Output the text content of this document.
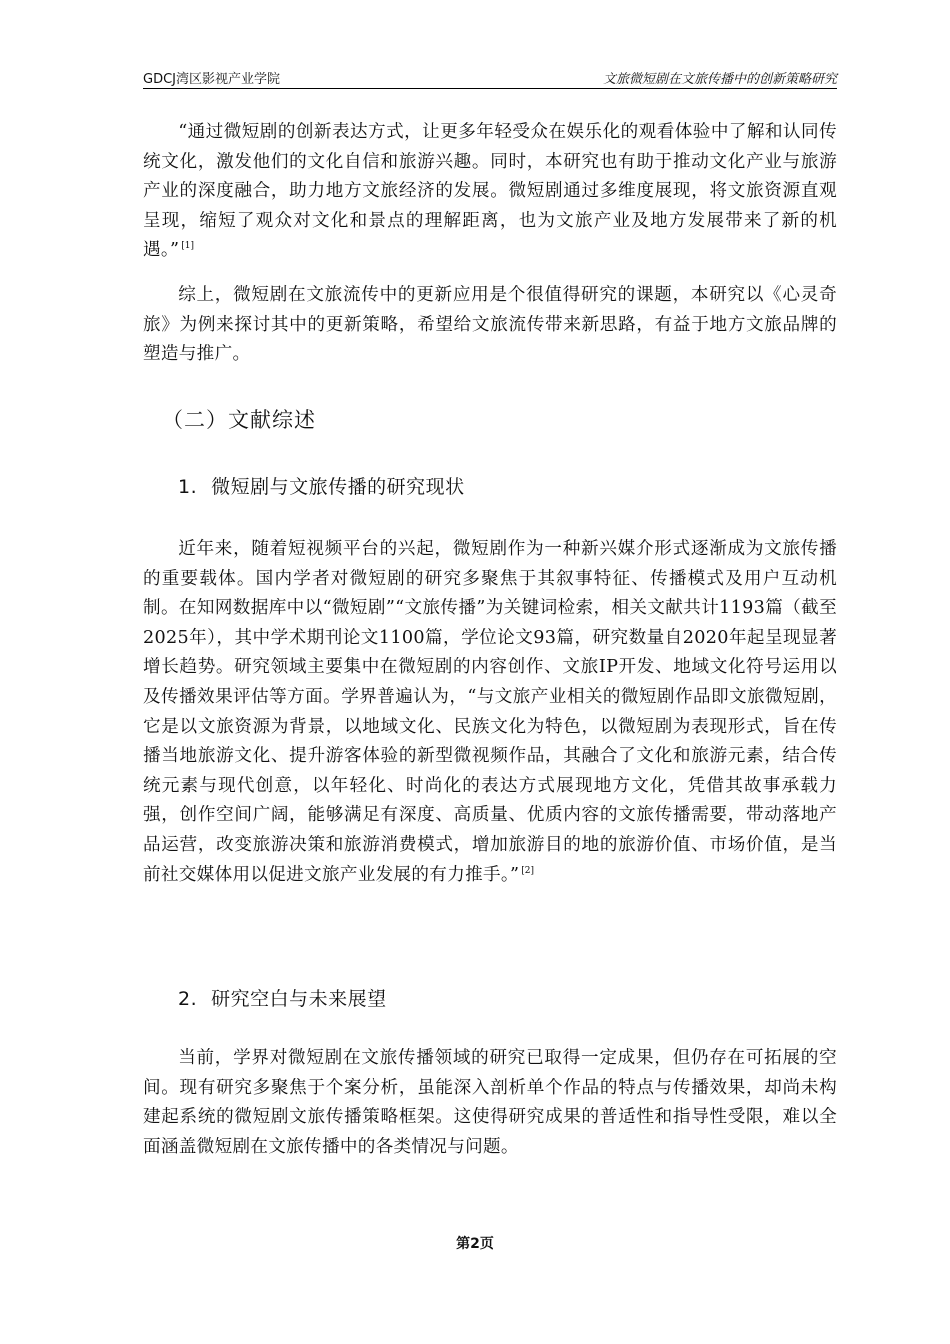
GDCJ湾区影视产业学院	文旅微短剧在文旅传播中的创新策略研究

“通过微短剧的创新表达方式，让更多年轻受众在娱乐化的观看体验中了解和认同传统文化，激发他们的文化自信和旅游兴趣。同时，本研究也有助于推动文化产业与旅游产业的深度融合，助力地方文旅经济的发展。微短剧通过多维度展现，将文旅资源直观呈现，缩短了观众对文化和景点的理解距离，也为文旅产业及地方发展带来了新的机遇。” [1]

综上，微短剧在文旅流传中的更新应用是个很值得研究的课题，本研究以《心灵奇旅》为例来探讨其中的更新策略，希望给文旅流传带来新思路，有益于地方文旅品牌的塑造与推广。

（二）文献综述
1. 微短剧与文旅传播的研究现状

近年来，随着短视频平台的兴起，微短剧作为一种新兴媒介形式逐渐成为文旅传播的重要载体。国内学者对微短剧的研究多聚焦于其叙事特征、传播模式及用户互动机制。在知网数据库中以“微短剧”“文旅传播”为关键词检索，相关文献共计1193篇（截至2025年），其中学术期刊论文1100篇，学位论文93篇，研究数量自2020年起呈现显著增长趋势。研究领域主要集中在微短剧的内容创作、文旅IP开发、地域文化符号运用以及传播效果评估等方面。学界普遍认为，“与文旅产业相关的微短剧作品即文旅微短剧，它是以文旅资源为背景，以地域文化、民族文化为特色，以微短剧为表现形式，旨在传播当地旅游文化、提升游客体验的新型微视频作品，其融合了文化和旅游元素，结合传统元素与现代创意，以年轻化、时尚化的表达方式展现地方文化，凭借其故事承载力强，创作空间广阔，能够满足有深度、高质量、优质内容的文旅传播需要，带动落地产品运营，改变旅游决策和旅游消费模式，增加旅游目的地的旅游价值、市场价值，是当前社交媒体用以促进文旅产业发展的有力推手。” [2]

2. 研究空白与未来展望

当前，学界对微短剧在文旅传播领域的研究已取得一定成果，但仍存在可拓展的空间。现有研究多聚焦于个案分析，虽能深入剖析单个作品的特点与传播效果，却尚未构建起系统的微短剧文旅传播策略框架。这使得研究成果的普适性和指导性受限，难以全面涵盖微短剧在文旅传播中的各类情况与问题。

第2页
